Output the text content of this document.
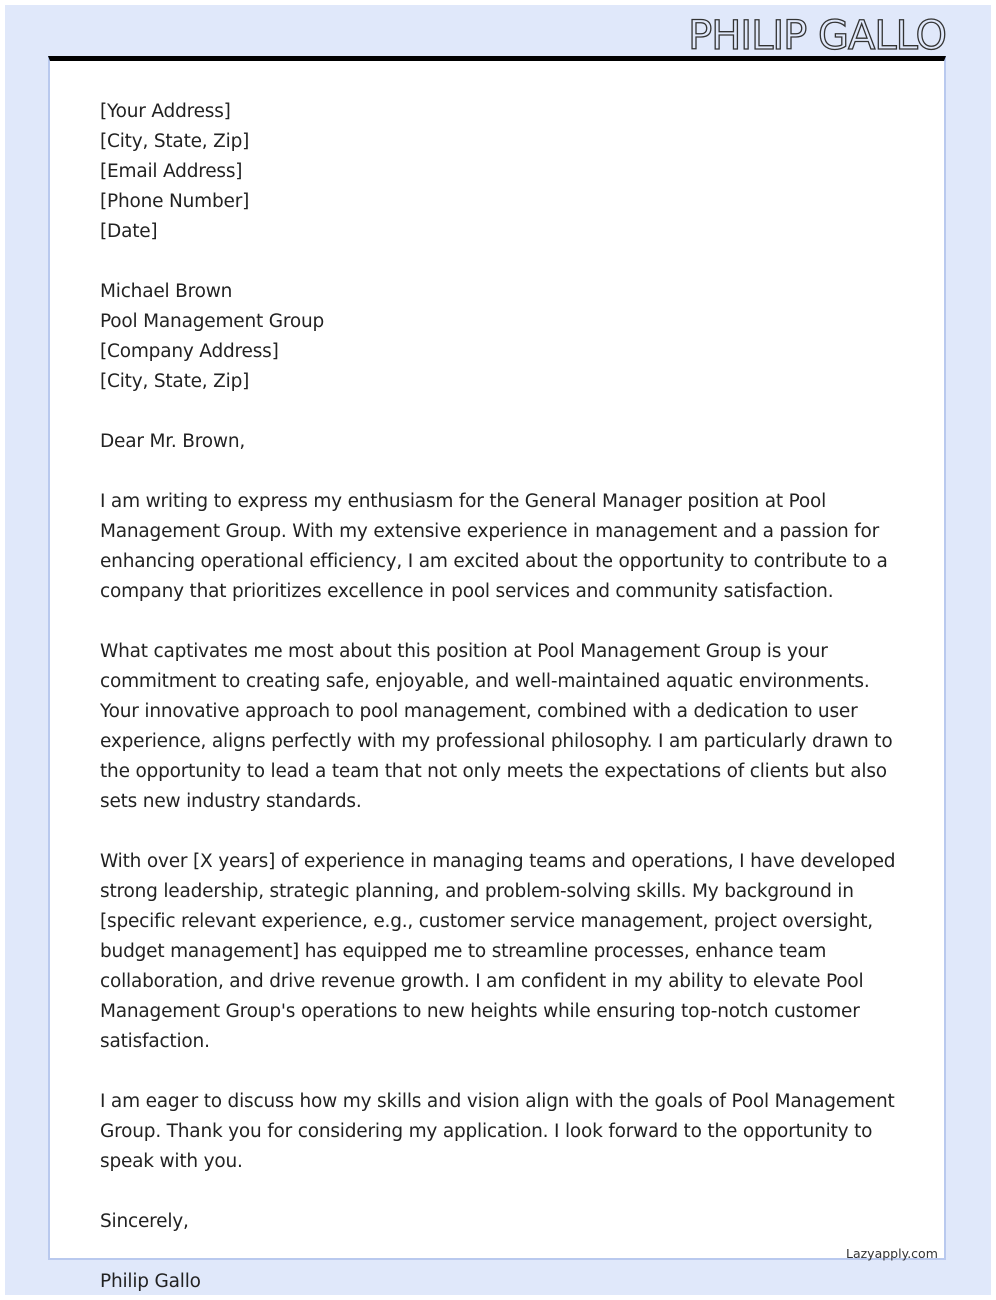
PHILIP GALLO
[Your Address]
[City, State, Zip]
[Email Address]
[Phone Number]
[Date]
Michael Brown
Pool Management Group
[Company Address]
[City, State, Zip]
Dear Mr. Brown,

I am writing to express my enthusiasm for the General Manager position at Pool Management Group. With my extensive experience in management and a passion for enhancing operational efficiency, I am excited about the opportunity to contribute to a company that prioritizes excellence in pool services and community satisfaction.

What captivates me most about this position at Pool Management Group is your commitment to creating safe, enjoyable, and well-maintained aquatic environments. Your innovative approach to pool management, combined with a dedication to user experience, aligns perfectly with my professional philosophy. I am particularly drawn to the opportunity to lead a team that not only meets the expectations of clients but also sets new industry standards.

With over [X years] of experience in managing teams and operations, I have developed strong leadership, strategic planning, and problem-solving skills. My background in [specific relevant experience, e.g., customer service management, project oversight, budget management] has equipped me to streamline processes, enhance team collaboration, and drive revenue growth. I am confident in my ability to elevate Pool Management Group's operations to new heights while ensuring top-notch customer satisfaction.

I am eager to discuss how my skills and vision align with the goals of Pool Management Group. Thank you for considering my application. I look forward to the opportunity to speak with you.

Sincerely,
Philip Gallo
Lazyapply.com
